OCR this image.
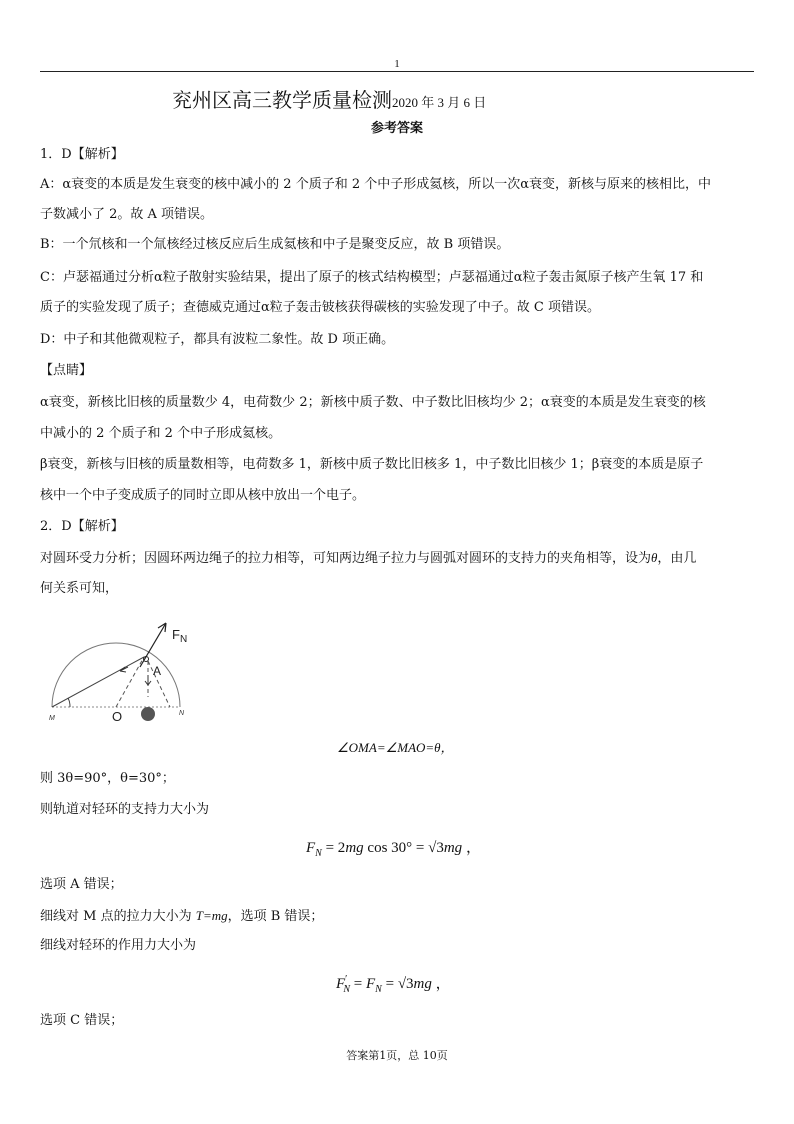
1
兖州区高三教学质量检测2020 年 3 月 6 日
参考答案
1．D【解析】
A：α衰变的本质是发生衰变的核中减小的 2 个质子和 2 个中子形成氦核，所以一次α衰变，新核与原来的核相比，中
子数减小了 2。故 A 项错误。
B：一个氘核和一个氚核经过核反应后生成氦核和中子是聚变反应，故 B 项错误。
C：卢瑟福通过分析α粒子散射实验结果，提出了原子的核式结构模型；卢瑟福通过α粒子轰击氮原子核产生氧 17 和
质子的实验发现了质子；查德威克通过α粒子轰击铍核获得碳核的实验发现了中子。故 C 项错误。
D：中子和其他微观粒子，都具有波粒二象性。故 D 项正确。
【点睛】
α衰变，新核比旧核的质量数少 4，电荷数少 2；新核中质子数、中子数比旧核均少 2；α衰变的本质是发生衰变的核
中减小的 2 个质子和 2 个中子形成氦核。
β衰变，新核与旧核的质量数相等，电荷数多 1，新核中质子数比旧核多 1，中子数比旧核少 1；β衰变的本质是原子
核中一个中子变成质子的同时立即从核中放出一个电子。
2．D【解析】
对圆环受力分析；因圆环两边绳子的拉力相等，可知两边绳子拉力与圆弧对圆环的支持力的夹角相等，设为θ，由几
何关系可知，
$F_N$
A
M	O	N
∠OMA=∠MAO=θ，
则 3θ=90°，θ=30°；
则轨道对轻环的支持力大小为
$F_N = 2mg$ cos 30° = √3mg ，
选项 A 错误；
细线对 M 点的拉力大小为 T=mg，选项 B 错误；
细线对轻环的作用力大小为
$F'_N = F_N = √3mg$ ，
选项 C 错误；
答案第1页，总 10页
